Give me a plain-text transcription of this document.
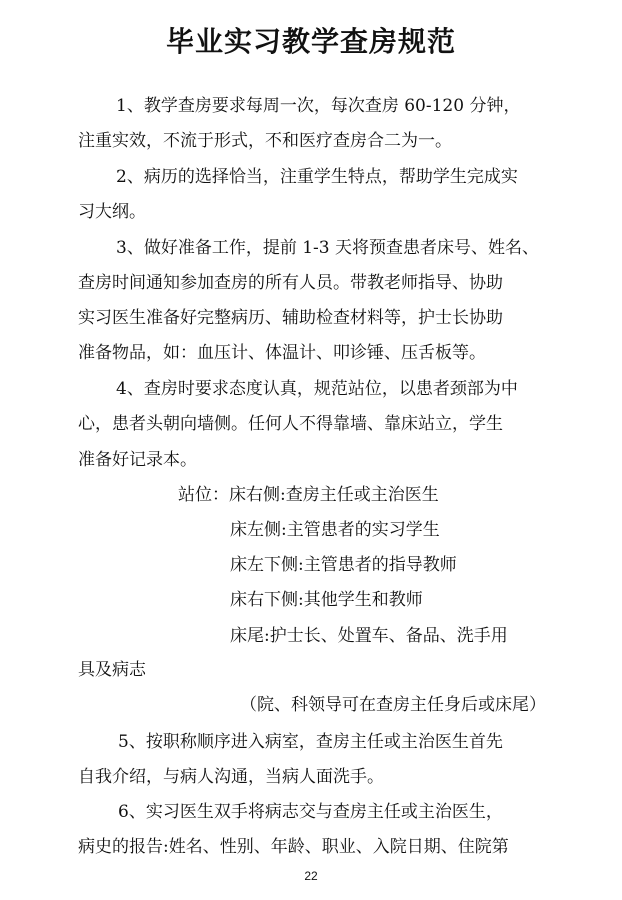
毕业实习教学查房规范
1、教学查房要求每周一次，每次查房 60-120 分钟，
注重实效，不流于形式，不和医疗查房合二为一。
2、病历的选择恰当，注重学生特点，帮助学生完成实
习大纲。
3、做好准备工作，提前 1-3 天将预查患者床号、姓名、
查房时间通知参加查房的所有人员。带教老师指导、协助
实习医生准备好完整病历、辅助检查材料等，护士长协助
准备物品，如：血压计、体温计、叩诊锤、压舌板等。
4、查房时要求态度认真，规范站位，以患者颈部为中
心，患者头朝向墙侧。任何人不得靠墙、靠床站立，学生
准备好记录本。
站位：床右侧:查房主任或主治医生
床左侧:主管患者的实习学生
床左下侧:主管患者的指导教师
床右下侧:其他学生和教师
床尾:护士长、处置车、备品、洗手用
具及病志
（院、科领导可在查房主任身后或床尾）
5、按职称顺序进入病室，查房主任或主治医生首先
自我介绍，与病人沟通，当病人面洗手。
6、实习医生双手将病志交与查房主任或主治医生，
病史的报告:姓名、性别、年龄、职业、入院日期、住院第
22
